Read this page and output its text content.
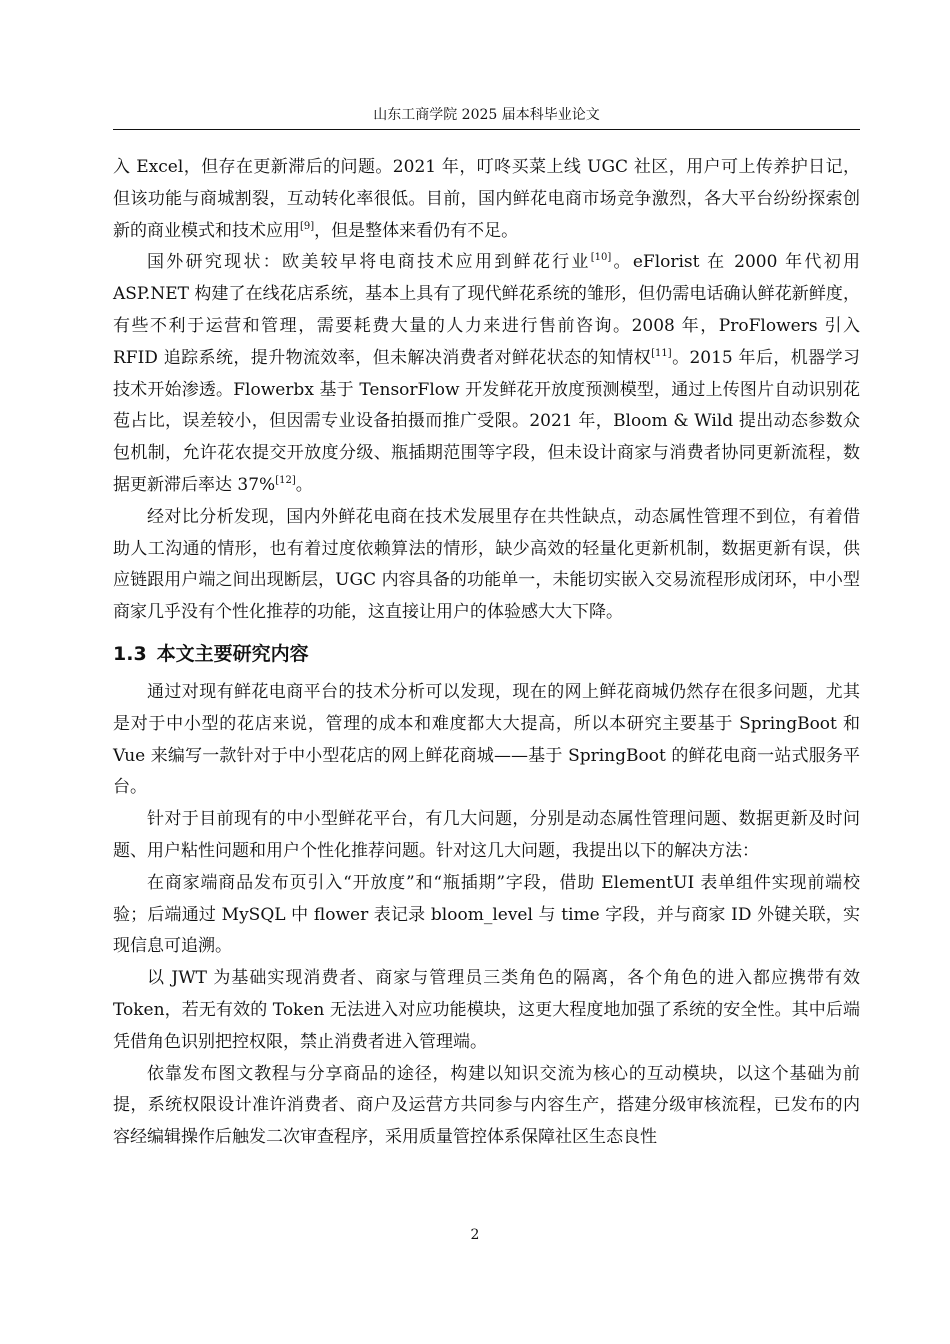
山东工商学院 2025 届本科毕业论文

入 Excel，但存在更新滞后的问题。2021 年，叮咚买菜上线 UGC 社区，用户可上传养护日记，但该功能与商城割裂，互动转化率很低。目前，国内鲜花电商市场竞争激烈，各大平台纷纷探索创新的商业模式和技术应用[9]，但是整体来看仍有不足。

国外研究现状：欧美较早将电商技术应用到鲜花行业[10]。eFlorist 在 2000 年代初用 ASP.NET 构建了在线花店系统，基本上具有了现代鲜花系统的雏形，但仍需电话确认鲜花新鲜度，有些不利于运营和管理，需要耗费大量的人力来进行售前咨询。2008 年，ProFlowers 引入 RFID 追踪系统，提升物流效率，但未解决消费者对鲜花状态的知情权[11]。2015 年后，机器学习技术开始渗透。Flowerbx 基于 TensorFlow 开发鲜花开放度预测模型，通过上传图片自动识别花苞占比，误差较小，但因需专业设备拍摄而推广受限。2021 年，Bloom & Wild 提出动态参数众包机制，允许花农提交开放度分级、瓶插期范围等字段，但未设计商家与消费者协同更新流程，数据更新滞后率达 37%[12]。

经对比分析发现，国内外鲜花电商在技术发展里存在共性缺点，动态属性管理不到位，有着借助人工沟通的情形，也有着过度依赖算法的情形，缺少高效的轻量化更新机制，数据更新有误，供应链跟用户端之间出现断层，UGC 内容具备的功能单一，未能切实嵌入交易流程形成闭环，中小型商家几乎没有个性化推荐的功能，这直接让用户的体验感大大下降。

1.3 本文主要研究内容

通过对现有鲜花电商平台的技术分析可以发现，现在的网上鲜花商城仍然存在很多问题，尤其是对于中小型的花店来说，管理的成本和难度都大大提高，所以本研究主要基于 SpringBoot 和 Vue 来编写一款针对于中小型花店的网上鲜花商城——基于 SpringBoot 的鲜花电商一站式服务平台。

针对于目前现有的中小型鲜花平台，有几大问题，分别是动态属性管理问题、数据更新及时问题、用户粘性问题和用户个性化推荐问题。针对这几大问题，我提出以下的解决方法：

在商家端商品发布页引入“开放度”和“瓶插期”字段，借助 ElementUI 表单组件实现前端校验；后端通过 MySQL 中 flower 表记录 bloom_level 与 time 字段，并与商家 ID 外键关联，实现信息可追溯。

以 JWT 为基础实现消费者、商家与管理员三类角色的隔离，各个角色的进入都应携带有效 Token，若无有效的 Token 无法进入对应功能模块，这更大程度地加强了系统的安全性。其中后端凭借角色识别把控权限，禁止消费者进入管理端。

依靠发布图文教程与分享商品的途径，构建以知识交流为核心的互动模块，以这个基础为前提，系统权限设计准许消费者、商户及运营方共同参与内容生产，搭建分级审核流程，已发布的内容经编辑操作后触发二次审查程序，采用质量管控体系保障社区生态良性

2
